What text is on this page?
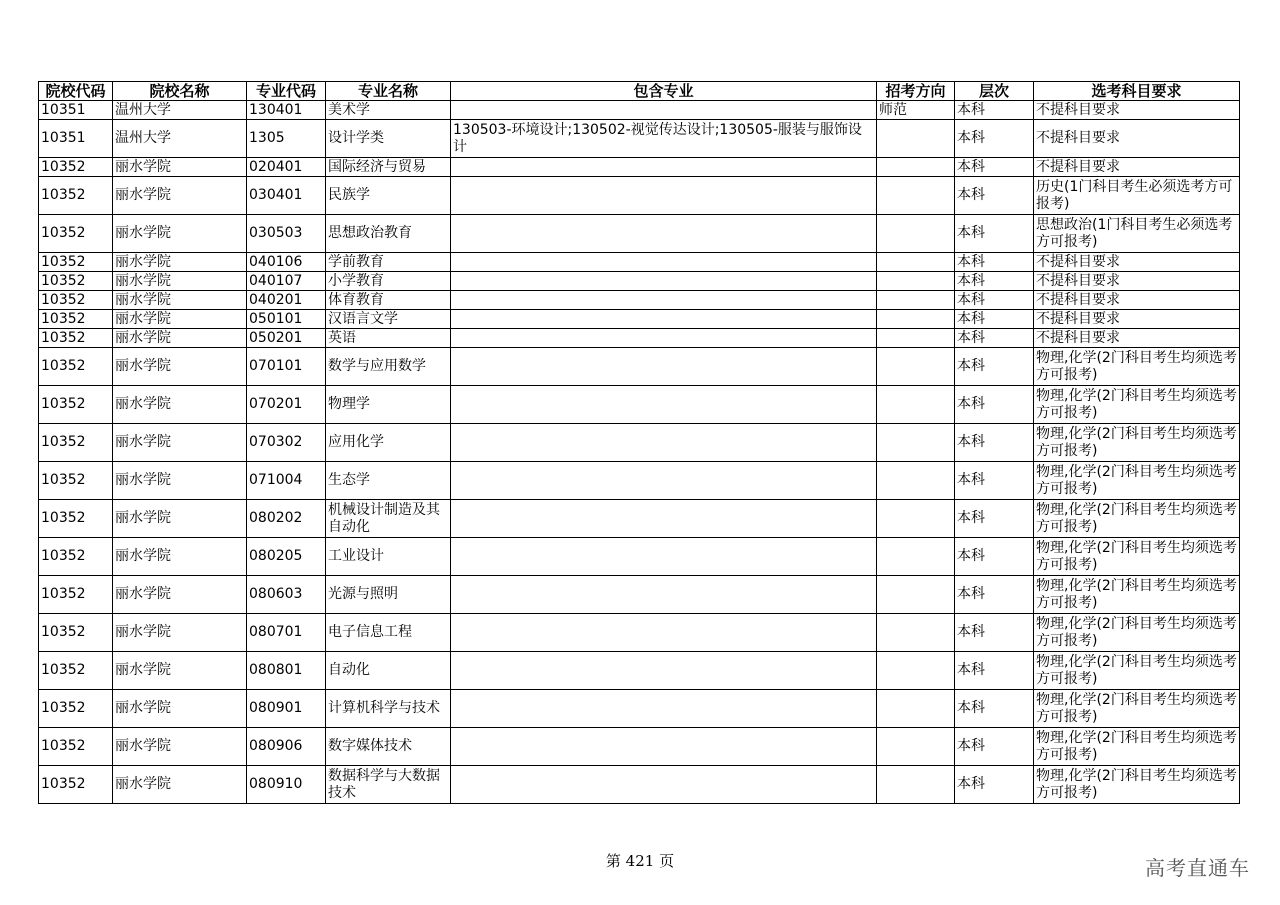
院校代码	院校名称	专业代码	专业名称	包含专业	招考方向	层次	选考科目要求
10351	温州大学	130401	美术学		师范	本科	不提科目要求
10351	温州大学	1305	设计学类	130503-环境设计;130502-视觉传达设计;130505-服装与服饰设计		本科	不提科目要求
10352	丽水学院	020401	国际经济与贸易			本科	不提科目要求
10352	丽水学院	030401	民族学			本科	历史(1门科目考生必须选考方可报考)
10352	丽水学院	030503	思想政治教育			本科	思想政治(1门科目考生必须选考方可报考)
10352	丽水学院	040106	学前教育			本科	不提科目要求
10352	丽水学院	040107	小学教育			本科	不提科目要求
10352	丽水学院	040201	体育教育			本科	不提科目要求
10352	丽水学院	050101	汉语言文学			本科	不提科目要求
10352	丽水学院	050201	英语			本科	不提科目要求
10352	丽水学院	070101	数学与应用数学			本科	物理,化学(2门科目考生均须选考方可报考)
10352	丽水学院	070201	物理学			本科	物理,化学(2门科目考生均须选考方可报考)
10352	丽水学院	070302	应用化学			本科	物理,化学(2门科目考生均须选考方可报考)
10352	丽水学院	071004	生态学			本科	物理,化学(2门科目考生均须选考方可报考)
10352	丽水学院	080202	机械设计制造及其自动化			本科	物理,化学(2门科目考生均须选考方可报考)
10352	丽水学院	080205	工业设计			本科	物理,化学(2门科目考生均须选考方可报考)
10352	丽水学院	080603	光源与照明			本科	物理,化学(2门科目考生均须选考方可报考)
10352	丽水学院	080701	电子信息工程			本科	物理,化学(2门科目考生均须选考方可报考)
10352	丽水学院	080801	自动化			本科	物理,化学(2门科目考生均须选考方可报考)
10352	丽水学院	080901	计算机科学与技术			本科	物理,化学(2门科目考生均须选考方可报考)
10352	丽水学院	080906	数字媒体技术			本科	物理,化学(2门科目考生均须选考方可报考)
10352	丽水学院	080910	数据科学与大数据技术			本科	物理,化学(2门科目考生均须选考方可报考)
第 421 页	高考直通车
